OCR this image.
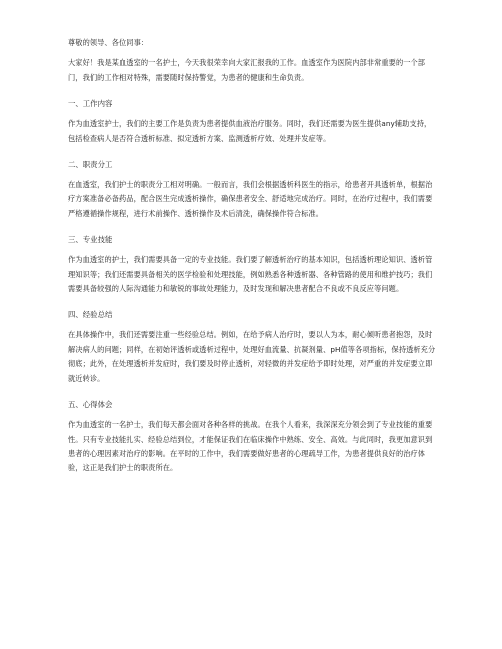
尊敬的领导、各位同事：

大家好！我是某血透室的一名护士，今天我很荣幸向大家汇报我的工作。血透室作为医院内部非常重要的一个部门，我们的工作相对特殊，需要随时保持警觉，为患者的健康和生命负责。

一、工作内容

作为血透室护士，我们的主要工作是负责为患者提供血液治疗服务。同时，我们还需要为医生提供any辅助支持，包括检查病人是否符合透析标准、拟定透析方案、监测透析疗效、处理并发症等。

二、职责分工

在血透室，我们护士的职责分工相对明确。一般而言，我们会根据透析科医生的指示，给患者开具透析单，根据治疗方案准备必备药品，配合医生完成透析操作，确保患者安全、舒适地完成治疗。同时，在治疗过程中，我们需要严格遵循操作规程，进行术前操作、透析操作及术后清洗，确保操作符合标准。

三、专业技能

作为血透室的护士，我们需要具备一定的专业技能。我们要了解透析治疗的基本知识，包括透析理论知识、透析管理知识等；我们还需要具备相关的医学检验和处理技能，例如熟悉各种透析器、各种管路的使用和维护技巧；我们需要具备较强的人际沟通能力和敏锐的事故处理能力，及时发现和解决患者配合不良或不良反应等问题。

四、经验总结

在具体操作中，我们还需要注重一些经验总结。例如，在给予病人治疗时，要以人为本，耐心倾听患者抱怨，及时解决病人的问题；同样，在初始评透析或透析过程中，处理好血流量、抗凝剂量、pH值等各项指标，保持透析充分彻底；此外，在处理透析并发症时，我们要及时停止透析，对轻微的并发症给予即时处理，对严重的并发症要立即就近转诊。

五、心得体会

作为血透室的一名护士，我们每天都会面对各种各样的挑战。在我个人看来，我深深充分领会到了专业技能的重要性。只有专业技能扎实、经验总结到位，才能保证我们在临床操作中熟练、安全、高效。与此同时，我更加意识到患者的心理因素对治疗的影响。在平时的工作中，我们需要做好患者的心理疏导工作，为患者提供良好的治疗体验，这正是我们护士的职责所在。
